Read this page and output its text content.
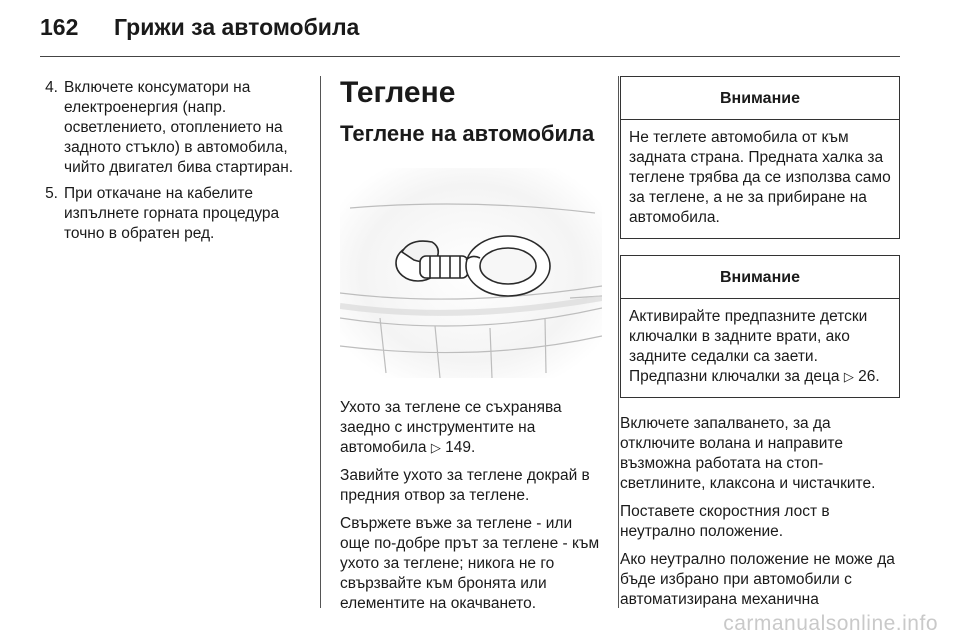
162	Грижи за автомобила
4. Включете консуматори на електроенергия (напр. осветлението, отоплението на задното стъкло) в автомобила, чийто двигател бива стартиран.
5. При откачане на кабелите изпълнете горната процедура точно в обратен ред.
Теглене
Теглене на автомобила

Ухото за теглене се съхранява заедно с инструментите на автомобила ▷ 149.

Завийте ухото за теглене докрай в предния отвор за теглене.

Свържете въже за теглене - или още по-добре прът за теглене - към ухото за теглене; никога не го свързвайте към бронята или елементите на окачването.

Внимание
Не теглете автомобила от към задната страна. Предната халка за теглене трябва да се използва само за теглене, а не за прибиране на автомобила.
Внимание
Активирайте предпазните детски ключалки в задните врати, ако задните седалки са заети. Предпазни ключалки за деца ▷ 26.

Включете запалването, за да отключите волана и направите възможна работата на стоп-светлините, клаксона и чистачките.

Поставете скоростния лост в неутрално положение.

Ако неутрално положение не може да бъде избрано при автомобили с автоматизирана механична

carmanualsonline.info
